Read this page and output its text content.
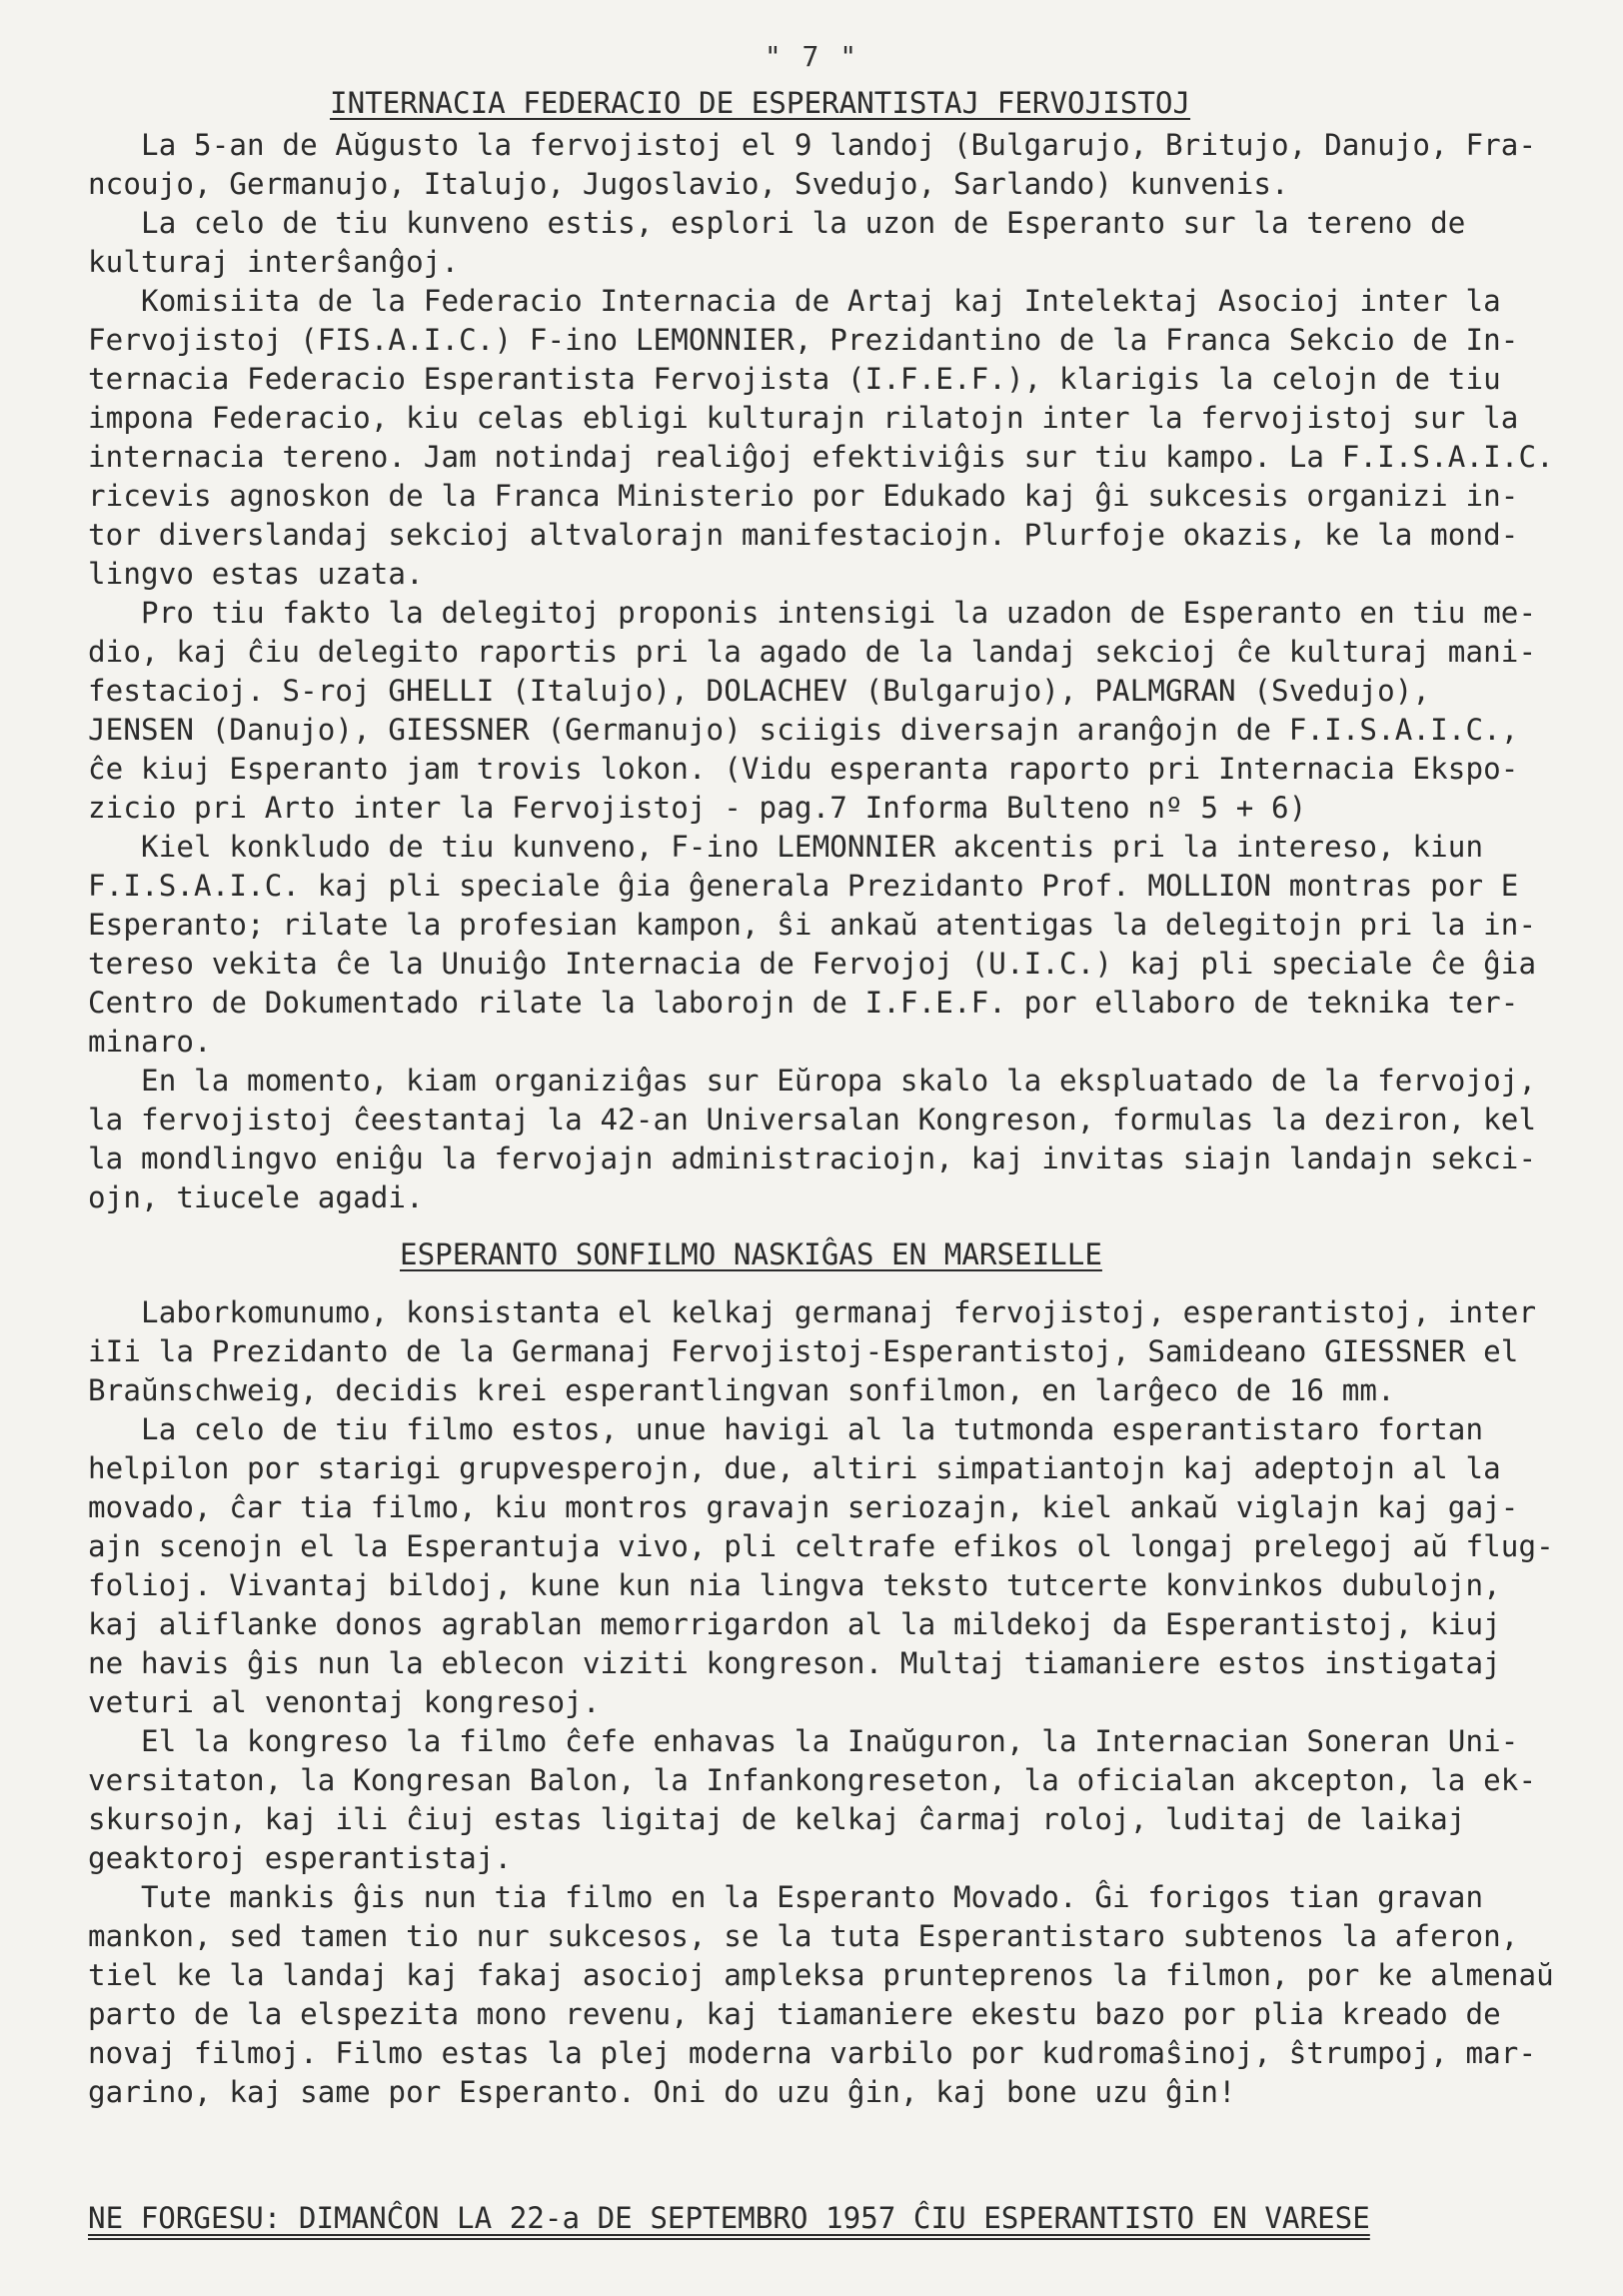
" 7 "
INTERNACIA FEDERACIO DE ESPERANTISTAJ FERVOJISTOJ
La 5-an de Aŭgusto la fervojistoj el 9 landoj (Bulgarujo, Britujo, Danujo, Fra-
ncoujo, Germanujo, Italujo, Jugoslavio, Svedujo, Sarlando) kunvenis.
La celo de tiu kunveno estis, esplori la uzon de Esperanto sur la tereno de
kulturaj interŝanĝoj.
Komisiita de la Federacio Internacia de Artaj kaj Intelektaj Asocioj inter la
Fervojistoj (FIS.A.I.C.) F-ino LEMONNIER, Prezidantino de la Franca Sekcio de In-
ternacia Federacio Esperantista Fervojista (I.F.E.F.), klarigis la celojn de tiu
impona Federacio, kiu celas ebligi kulturajn rilatojn inter la fervojistoj sur la
internacia tereno. Jam notindaj realiĝoj efektiviĝis sur tiu kampo. La F.I.S.A.I.C.
ricevis agnoskon de la Franca Ministerio por Edukado kaj ĝi sukcesis organizi in-
tor diverslandaj sekcioj altvalorajn manifestaciojn. Plurfoje okazis, ke la mond-
lingvo estas uzata.
Pro tiu fakto la delegitoj proponis intensigi la uzadon de Esperanto en tiu me-
dio, kaj ĉiu delegito raportis pri la agado de la landaj sekcioj ĉe kulturaj mani-
festacioj. S-roj GHELLI (Italujo), DOLACHEV (Bulgarujo), PALMGRAN (Svedujo),
JENSEN (Danujo), GIESSNER (Germanujo) sciigis diversajn aranĝojn de F.I.S.A.I.C.,
ĉe kiuj Esperanto jam trovis lokon. (Vidu esperanta raporto pri Internacia Ekspo-
zicio pri Arto inter la Fervojistoj - pag.7 Informa Bulteno nº 5 + 6)
Kiel konkludo de tiu kunveno, F-ino LEMONNIER akcentis pri la intereso, kiun
F.I.S.A.I.C. kaj pli speciale ĝia ĝenerala Prezidanto Prof. MOLLION montras por E
Esperanto; rilate la profesian kampon, ŝi ankaŭ atentigas la delegitojn pri la in-
tereso vekita ĉe la Unuiĝo Internacia de Fervojoj (U.I.C.) kaj pli speciale ĉe ĝia
Centro de Dokumentado rilate la laborojn de I.F.E.F. por ellaboro de teknika ter-
minaro.
En la momento, kiam organiziĝas sur Eŭropa skalo la ekspluatado de la fervojoj,
la fervojistoj ĉeestantaj la 42-an Universalan Kongreson, formulas la deziron, kel
la mondlingvo eniĝu la fervojajn administraciojn, kaj invitas siajn landajn sekci-
ojn, tiucele agadi.
ESPERANTO SONFILMO NASKIĜAS EN MARSEILLE
Laborkomunumo, konsistanta el kelkaj germanaj fervojistoj, esperantistoj, inter
iIi la Prezidanto de la Germanaj Fervojistoj-Esperantistoj, Samideano GIESSNER el
Braŭnschweig, decidis krei esperantlingvan sonfilmon, en larĝeco de 16 mm.
La celo de tiu filmo estos, unue havigi al la tutmonda esperantistaro fortan
helpilon por starigi grupvesperojn, due, altiri simpatiantojn kaj adeptojn al la
movado, ĉar tia filmo, kiu montros gravajn seriozajn, kiel ankaŭ viglajn kaj gaj-
ajn scenojn el la Esperantuja vivo, pli celtrafe efikos ol longaj prelegoj aŭ flug-
folioj. Vivantaj bildoj, kune kun nia lingva teksto tutcerte konvinkos dubulojn,
kaj aliflanke donos agrablan memorrigardon al la mildekoj da Esperantistoj, kiuj
ne havis ĝis nun la eblecon viziti kongreson. Multaj tiamaniere estos instigataj
veturi al venontaj kongresoj.
El la kongreso la filmo ĉefe enhavas la Inaŭguron, la Internacian Soneran Uni-
versitaton, la Kongresan Balon, la Infankongreseton, la oficialan akcepton, la ek-
skursojn, kaj ili ĉiuj estas ligitaj de kelkaj ĉarmaj roloj, luditaj de laikaj
geaktoroj esperantistaj.
Tute mankis ĝis nun tia filmo en la Esperanto Movado. Ĝi forigos tian gravan
mankon, sed tamen tio nur sukcesos, se la tuta Esperantistaro subtenos la aferon,
tiel ke la landaj kaj fakaj asocioj ampleksa prunteprenos la filmon, por ke almenaŭ
parto de la elspezita mono revenu, kaj tiamaniere ekestu bazo por plia kreado de
novaj filmoj. Filmo estas la plej moderna varbilo por kudromaŝinoj, ŝtrumpoj, mar-
garino, kaj same por Esperanto. Oni do uzu ĝin, kaj bone uzu ĝin!
NE FORGESU: DIMANĈON LA 22-a DE SEPTEMBRO 1957 ĈIU ESPERANTISTO EN VARESE
